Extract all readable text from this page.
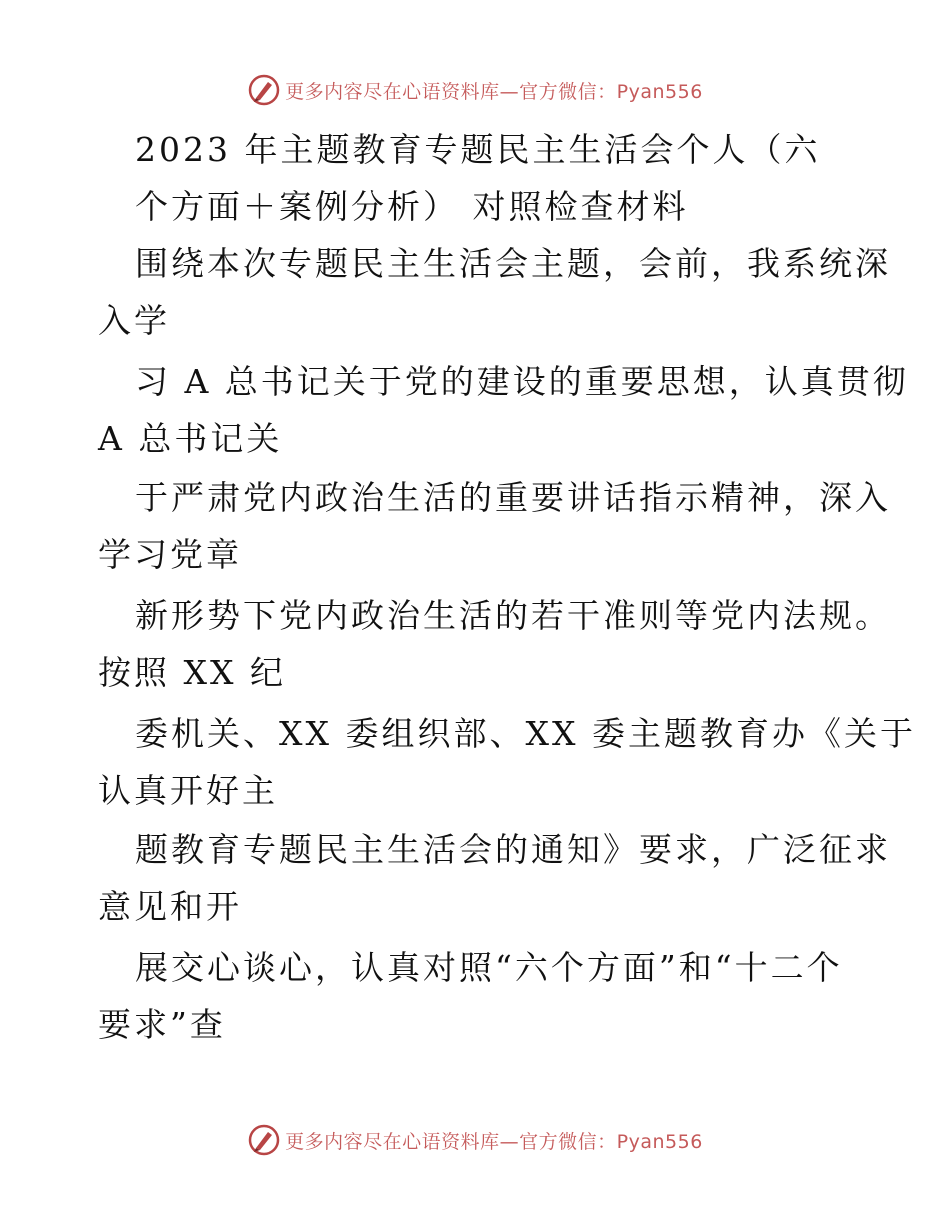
更多内容尽在心语资料库—官方微信：Pyan556
2023 年主题教育专题民主生活会个人（六
个方面＋案例分析） 对照检查材料
围绕本次专题民主生活会主题，会前，我系统深
入学
习 A 总书记关于党的建设的重要思想，认真贯彻
A 总书记关
于严肃党内政治生活的重要讲话指示精神，深入
学习党章
新形势下党内政治生活的若干准则等党内法规。
按照 XX 纪
委机关、XX 委组织部、XX 委主题教育办《关于
认真开好主
题教育专题民主生活会的通知》要求，广泛征求
意见和开
展交心谈心，认真对照“六个方面”和“十二个
要求”查
更多内容尽在心语资料库—官方微信：Pyan556
